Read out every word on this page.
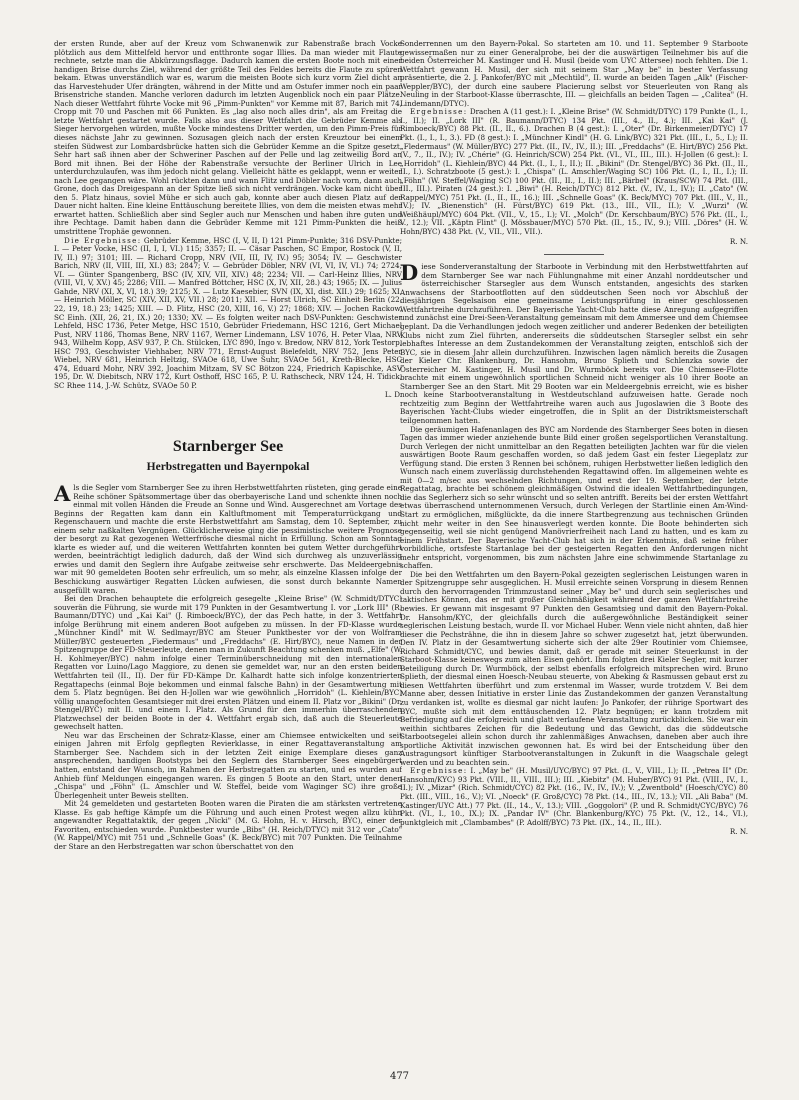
der ersten Runde, aber auf der Kreuz vom Schwanenwik zur Rabenstraße brach Vocke plötzlich aus dem Mittelfeld hervor und entthronte sogar Illies. Da man wieder mit Flaute rechnete, setzte man die Abkürzungsflagge. Dadurch kamen die ersten Boote noch mit einer handigen Brise durchs Ziel, während der größte Teil des Feldes bereits die Flaute zu spüren bekam. Etwas unverständlich war es, warum die meisten Boote sich kurz vorm Ziel dicht an das Harvestehuder Ufer drängten, während in der Mitte und am Ostufer immer noch ein paar Brisenstriche standen. Manche verloren dadurch im letzten Augenblick noch ein paar Plätze. Nach dieser Wettfahrt führte Vocke mit 96 „Pimm-Punkten" vor Kemme mit 87, Barich mit 74, Cropp mit 70 und Paschen mit 66 Punkten. Es „lag also noch alles drin", als am Freitag die letzte Wettfahrt gestartet wurde. Falls also aus dieser Wettfahrt die Gebrüder Kemme als Sieger hervorgehen würden, mußte Vocke mindestens Dritter werden, um den Pimm-Preis für dieses nächste Jahr zu gewinnen. Sozusagen gleich nach der ersten Kreuztour bei einem steifen Südwest zur Lombardsbrücke hatten sich die Gebrüder Kemme an die Spitze gesetzt. Sehr hart saß ihnen aber der Schweriner Paschen auf der Pelle und lag zeitweilig Bord an Bord mit ihnen. Bei der Höhe der Rabenstraße versuchte der Berliner Ulrich in Lee unterdurchzulaufen, was ihm jedoch nicht gelang. Vielleicht hätte es geklappt, wenn er weiter nach Lee gegangen wäre. Wohl rückten dann und wann Flitz und Döbler nach vorn, dann auch Grone, doch das Dreigespann an der Spitze ließ sich nicht verdrängen. Vocke kam nicht über den 5. Platz hinaus, soviel Mühe er sich auch gab, konnte aber auch diesen Platz auf der Dauer nicht halten. Eine kleine Enttäuschung bereitete Illies, von dem die meisten etwas mehr erwartet hatten. Schließlich aber sind Segler auch nur Menschen und haben ihre guten und ihre Pechtage. Damit haben dann die Gebrüder Kemme mit 121 Pimm-Punkten die heiß umstrittene Trophäe gewonnen.

Die Ergebnisse: Gebrüder Kemme, HSC (I, V, II, I) 121 Pimm-Punkte; 316 DSV-Punkte; I. — Peter Vocke, HSC (II, I, I, VI.) 115; 3357; II. — Cäsar Paschen, SC Empor, Rostock (V, II, IV, II.) 97; 3101; III. — Richard Cropp, NRV (VII, III, IV, IV.) 95; 3054; IV. — Geschwister Barich, NRV (II, VIII, III, XI.) 83; 2847; V. — Gebrüder Döbler, NRV (VI, VI, IV, VI.) 74; 2724; VI. — Günter Spangenberg, BSC (IV, XIV, VII, XIV.) 48; 2234; VII. — Carl-Heinz Illies, NRV (VIII, VI, V, XV.) 45; 2286; VIII. — Manfred Böttcher, HSC (X, IV, XII, 28.) 43; 1965; IX. — Julius Gahde, NRV (XI, X, VI, 18.) 39; 2125; X. — Lutz Kaesebier, SVN (IX, XI, dist. XII.) 29; 1625; XI. — Heinrich Möller, SC (XIV, XII, XV, VII.) 28; 2011; XII. — Horst Ulrich, SC Einheit Berlin (22, 22, 19, 18.) 23; 1425; XIII. — D. Flitz, HSC (20, XIII, 16, V.) 27; 1868; XIV. — Jochen Rackow, SC Einh. (XII, 26, 21, IX.) 20; 1330; XV. — Es folgten weiter nach DSV-Punkten: Geschwister Lehfeld, HSC 1736, Peter Metge, HSC 1510, Gebrüder Friedemann, HSC 1216, Gert Michael Pust, NRV 1186, Thomas Bene, NRV 1167, Werner Lindemann, LSV 1076, H. Peter Vlaa, NRV 943, Wilhelm Kopp, ASV 937, P. Ch. Stülcken, LYC 890, Ingo v. Bredow, NRV 812, York Testorp, HSC 793, Geschwister Viehhaber, NRV 771, Ernst-August Bielefeldt, NRV 752, Jens Peter Wiebel, NRV 681, Heinrich Heltzig, SVAOe 618, Uwe Suhr, SVAOe 561, Kreth-Blecke, HSC 474, Eduard Mohr, NRV 392, Joachim Mitzam, SV SC Bötzon 224, Friedrich Kapischke, ASV 195, Dr. W. Diebitsch, NRV 172, Kurt Osthoff, HSC 165, P. U. Rathscheck, NRV 124, H. Tidick, SC Rhee 114, J.-W. Schütz, SVAOe 50 P.

L. D.
Starnberger See
Herbstregatten und Bayernpokal

Als die Segler vom Starnberger See zu ihren Herbstwettfahrten rüsteten, ging gerade eine Reihe schöner Spätsommertage über das oberbayerische Land und schenkte ihnen noch einmal mit vollen Händen die Freude an Sonne und Wind. Ausgerechnet am Vortage des Beginns der Regatten kam dann ein Kaltluftmoment mit Temperaturrückgang und Regenschauern und machte die erste Herbstwettfahrt am Samstag, dem 10. September, zu einem sehr naßkalten Vergnügen. Glücklicherweise ging die pessimistische weitere Prognose der besorgt zu Rat gezogenen Wetterfrösche diesmal nicht in Erfüllung. Schon am Sonntag klarte es wieder auf, und die weiteren Wettfahrten konnten bei gutem Wetter durchgeführt werden, beeinträchtigt lediglich dadurch, daß der Wind sich durchweg als unzuverlässig erwies und damit den Seglern ihre Aufgabe zeitweise sehr erschwerte. Das Meldeergebnis war mit 90 gemeldeten Booten sehr erfreulich, um so mehr, als einzelne Klassen infolge der Beschickung auswärtiger Regatten Lücken aufwiesen, die sonst durch bekannte Namen ausgefüllt waren.

Bei den Drachen behauptete die erfolgreich gesegelte „Kleine Brise" (W. Schmidt/DTYC) souverän die Führung, sie wurde mit 179 Punkten in der Gesamtwertung I. vor „Lork III" (R. Baumann/DTYC) und „Kai Kai" (J. Rimboeck/BYC), der das Pech hatte, in der 3. Wettfahrt infolge Berührung mit einem anderen Boot aufgeben zu müssen. In der FD-Klasse wurde „Münchner Kindl" mit W. Sedlmayr/BYC am Steuer Punktbester vor der von Wolfram Müller/BYC gesteuerten „Fiedermaus" und „Freddachs" (E. Hirt/BYC), neue Namen in der Spitzengruppe der FD-Steuerleute, denen man in Zukunft Beachtung schenken muß. „Elfe" (W. H. Kohlmeyer/BYC) nahm infolge einer Terminüberschneidung mit den internationalen Regatten vor Luino/Lago Maggiore, zu denen sie gemeldet war, nur an den ersten beiden Wettfahrten teil (II., II). Der für FD-Kämpe Dr. Kalhardt hatte sich infolge konzentrierten Regattapechs (einmal Boje bekommen und einmal falsche Bahn) in der Gesamtwertung mit dem 5. Platz begnügen. Bei den H-Jollen war wie gewöhnlich „Horridoh" (L. Kiehlein/BYC) völlig unangefochten Gesamtsieger mit drei ersten Plätzen und einem II. Platz vor „Bikini" (Dr. Stengel/BYC) mit II. und einem I. Platz. Als Grund für den immerhin überraschenden Platzwechsel der beiden Boote in der 4. Wettfahrt ergab sich, daß auch die Steuerleute gewechselt hatten.

Neu war das Erscheinen der Schratz-Klasse, einer am Chiemsee entwickelten und seit einigen Jahren mit Erfolg gepflegten Revierklasse, in einer Regattaveranstaltung am Starnberger See. Nachdem sich in der letzten Zeit einige Exemplare dieses ganz ansprechenden, handigen Bootstyps bei den Seglern des Starnberger Sees eingebürgert hatten, entstand der Wunsch, im Rahmen der Herbstregatten zu starten, und es wurden auf Anhieb fünf Meldungen eingegangen waren. Es gingen 5 Boote an den Start, unter denen „Chispa" und „Föhn" (L. Amschler und W. Steffel, beide vom Waginger SC) ihre große Überlegenheit unter Beweis stellten.

Mit 24 gemeldeten und gestarteten Booten waren die Piraten die am stärksten vertretene Klasse. Es gab heftige Kämpfe um die Führung und auch einen Protest wegen allzu kühn angewandter Regattataktik, der gegen „Nicki" (M. G. Hohn, H. v. Hirsch, BYC), einer der Favoriten, entschieden wurde. Punktbester wurde „Bibs" (H. Reich/DTYC) mit 312 vor „Cato" (W. Rappel/MYC) mit 751 und „Schnelle Goas" (K. Beck/BYC) mit 707 Punkten. Die Teilnahme der Stare an den Herbstregatten war schon überschattet von den

Sonderrennen um den Bayern-Pokal. So starteten am 10. und 11. September 9 Starboote gewissermaßen nur zu einer Generalprobe, bei der die auswärtigen Teilnehmer bis auf die beiden Österreicher M. Kastinger und H. Musil (beide vom UYC Attersee) noch fehlten. Die 1. Wettfahrt gewann H. Musil, der sich mit seinem Star „May be" in bester Verfassung präsentierte, die 2. J. Pankofer/BYC mit „Mechtild", II. wurde an beiden Tagen „Alk" (Fischer-Weppler/BYC), der durch eine saubere Placierung selbst vor Steuerleuten von Rang als Neuling in der Starboot-Klasse überraschte, III. — gleichfalls an beiden Tagen — „Calitea" (H. Lindemann/DTYC).

Ergebnisse: Drachen A (11 gest.): I. „Kleine Brise" (W. Schmidt/DTYC) 179 Punkte (I., I., I., II.); II. „Lork III" (R. Baumann/DTYC) 134 Pkt. (III., 4., II., 4.); III. „Kai Kai" (J. Rimboeck/BYC) 88 Pkt. (II., II., 6.). Drachen B (4 gest.): I. „Oter" (Dr. Birkenmeier/DTYC) 17 Pkt. (I., I., I., 3.). FD (8 gest.): I. „Münchner Kindl" (H. G. Link/BYC) 321 Pkt. (III., I., 5., I.); II. „Fledermaus" (W. Müller/BYC) 277 Pkt. (II., IV., IV., II.); III. „Freddachs" (E. Hirt/BYC) 256 Pkt. (V., 7., II., IV.); IV. „Chérie" (G. Heinrich/SCW) 254 Pkt. (VI., VI., III., III.). H-Jollen (6 gest.): I. „Horridoh" (L. Kiehlein/BYC) 44 Pkt. (I., I., I., II.); II. „Bikini" (Dr. Stengel/BYC) 36 Pkt. (II., II., II., I.). Schratzboote (5 gest.): I. „Chispa" (L. Amschler/Waging SC) 106 Pkt. (I., I., II., I.); II. „Föhn" (W. Steffel/Waging SC) 100 Pkt. (II., II., I., II.); III. „Bärbel" (Kraus/SCW) 74 Pkt. (III., III., III.). Piraten (24 gest.): I. „Biwi" (H. Reich/DTYC) 812 Pkt. (V., IV., I., IV.); II. „Cato" (W. Rappel/MYC) 751 Pkt. (I., II., II., 16.); III. „Schnelle Goas" (K. Beck/MYC) 707 Pkt. (III., V., II., IV.); IV. „Bienenstich" (H. Fürst/BYC) 619 Pkt. (13., III., VII., II.); V. „Wurzi" (W. Weißhäupl/MYC) 604 Pkt. (VII., V., 15., I.); VI. „Molch" (Dr. Kerschbaum/BYC) 576 Pkt. (II., I., V., 12.); VII. „Käptn Flint" (J. Mössbauer/MYC) 570 Pkt. (II., 15., IV., 9.); VIII. „Döres" (H. W. Hohn/BYC) 438 Pkt. (V., VII., VII., VII.).

R. N.

Diese Sonderveranstaltung der Starboote in Verbindung mit den Herbstwettfahrten auf dem Starnberger See war nach Fühlungnahme mit einer Anzahl norddeutscher und österreichischer Starsegler aus dem Wunsch entstanden, angesichts des starken Anwachsens der Starbootflotten auf den süddeutschen Seen noch vor Abschluß der diesjährigen Segelsaison eine gemeinsame Leistungsprüfung in einer geschlossenen Wettfahrtreihe durchzuführen. Der Bayerische Yacht-Club hatte diese Anregung aufgegriffen und zunächst eine Drei-Seen-Veranstaltung gemeinsam mit dem Ammersee und dem Chiemsee geplant. Da die Verhandlungen jedoch wegen zeitlicher und anderer Bedenken der beteiligten Klubs nicht zum Ziel führten, andererseits die süddeutschen Starsegler selbst ein sehr lebhaftes Interesse an dem Zustandekommen der Veranstaltung zeigten, entschloß sich der BYC, sie in diesem Jahr allein durchzuführen. Inzwischen lagen nämlich bereits die Zusagen der Kieler Chr. Blankenburg, Dr. Hansohm, Bruno Splieth und Schlenzka sowie der Österreicher M. Kastinger, H. Musil und Dr. Wurmböck bereits vor. Die Chiemsee-Flotte brachte mit einem ungewöhnlich sportlichen Schneid nicht weniger als 10 ihrer Boote an Starnberger See an den Start. Mit 29 Booten war ein Meldeergebnis erreicht, wie es bisher noch keine Starbootveranstaltung in Westdeutschland aufzuweisen hatte. Gerade noch rechtzeitig zum Beginn der Wettfahrtreihe waren auch aus Jugoslawien die 3 Boote des Bayerischen Yacht-Clubs wieder eingetroffen, die in Split an der Distriktsmeisterschaft teilgenommen hatten.

Die geräumigen Hafenanlagen des BYC am Nordende des Starnberger Sees boten in diesen Tagen das immer wieder anziehende bunte Bild einer großen segelsportlichen Veranstaltung. Durch Verlegen der nicht unmittelbar an den Regatten beteiligten Jachten war für die vielen auswärtigen Boote Raum geschaffen worden, so daß jedem Gast ein fester Liegeplatz zur Verfügung stand. Die ersten 3 Rennen bei schönem, ruhigen Herbstwetter ließen lediglich den Wunsch nach einem zuverlässig durchstehenden Regattawind offen. Im allgemeinen wehte es mit 0—2 m/sec aus wechselnden Richtungen, und erst der 19. September, der letzte Regattatag, brachte bei schönem gleichmäßigen Ostwind die idealen Wettfahrtbedingungen, die das Seglerherz sich so sehr wünscht und so selten antrifft. Bereits bei der ersten Wettfahrt etwas überraschend unternommenen Versuch, durch Verlegen der Startlinie einen Am-Wind-Start zu ermöglichen, mißglückte, da die innere Startbegrenzung aus technischen Gründen nicht mehr weiter in den See hinausverlegt werden konnte. Die Boote behinderten sich gegenseitig, weil sie nicht genügend Manövrierfreiheit nach Land zu hatten, und es kam zu einem Frühstart. Der Bayerische Yacht-Club hat sich in der Erkenntnis, daß seine früher vorbildliche, ortsfeste Startanlage bei der gesteigerten Regatten den Anforderungen nicht mehr entspricht, vorgenommen, bis zum nächsten Jahre eine schwimmende Startanlage zu schaffen.

Die bei den Wettfahrten um den Bayern-Pokal gezeigten seglerischen Leistungen waren in der Spitzengruppe sehr ausgeglichen. H. Musil erreichte seinen Vorsprung in diesem Rennen durch den hervorragenden Trimmzustand seiner „May be" und durch sein seglerisches und taktisches Können, das er mit großer Gleichmäßigkeit während der ganzen Wettfahrtreihe bewies. Er gewann mit insgesamt 97 Punkten den Gesamtsieg und damit den Bayern-Pokal. Dr. Hansohm/KYC, der gleichfalls durch die außergewöhnliche Beständigkeit seiner seglerischen Leistung bestach, wurde II. vor Michael Huber. Wenn viele nicht ahnten, daß hier dieser die Pechsträhne, die ihn in diesem Jahre so schwer zugesetzt hat, jetzt überwunden. Den IV. Platz in der Gesamtwertung sicherte sich der alte 29er Routinier vom Chiemsee, Richard Schmidt/CYC, und bewies damit, daß er gerade mit seiner Steuerkunst in der Starboot-Klasse keineswegs zum alten Eisen gehört. Ihm folgten drei Kieler Segler, mit kurzer Beteiligung durch Dr. Wurmböck, der selbst ebenfalls erfolgreich mitsprechen wird. Bruno Splieth, der diesmal einen Hoesch-Neubau steuerte, von Abeking & Rasmussen gebaut erst zu diesen Wettfahrten überführt und zum erstenmal im Wasser, wurde trotzdem V. Bei dem Manne aber, dessen Initiative in erster Linie das Zustandekommen der ganzen Veranstaltung zu verdanken ist, wollte es diesmal gar nicht laufen: Jo Pankofer, der rührige Sportwart des BYC, mußte sich mit dem enttäuschenden 12. Platz begnügen; er kann trotzdem mit Befriedigung auf die erfolgreich und glatt verlaufene Veranstaltung zurückblicken. Sie war ein weithin sichtbares Zeichen für die Bedeutung und das Gewicht, das die süddeutsche Starbootsegelei allein schon durch ihr zahlenmäßiges Anwachsen, daneben aber auch ihre sportliche Aktivität inzwischen gewonnen hat. Es wird bei der Entscheidung über den Austragungsort künftiger Starbootveranstaltungen in Zukunft in die Waagschale gelegt werden und zu beachten sein.

Ergebnisse: I. „May be" (H. Musil/UYC/BYC) 97 Pkt. (I., V., VIII., I.); II. „Petrea II" (Dr. Hansohm/KYC) 93 Pkt. (VIII., II., VIII., III.); III. „Kiebitz" (M. Huber/BYC) 91 Pkt. (VIII., IV., I., II.); IV. „Mizar" (Rich. Schmidt/CYC) 82 Pkt. (16., IV., IV., IV.); V. „Zwentbold" (Hoesch/CYC) 80 Pkt. (III., VIII., 16., V.); VI. „Noeck" (F. Groß/CYC) 78 Pkt. (14., III., IV., 13.); VII. „Ali Baba" (M. Kastinger/UYC Att.) 77 Pkt. (II., 14., V., 13.); VIII. „Goggolori" (P. und R. Schmidt/CYC/BYC) 76 Pkt. (VI., I., 10., IX.); IX. „Pandar IV" (Chr. Blankenburg/KYC) 75 Pkt. (V., 12., 14., VI.), punktgleich mit „Clambambes" (P. Adolff/BYC) 73 Pkt. (IX., 14., II., III.).

R. N.
477
